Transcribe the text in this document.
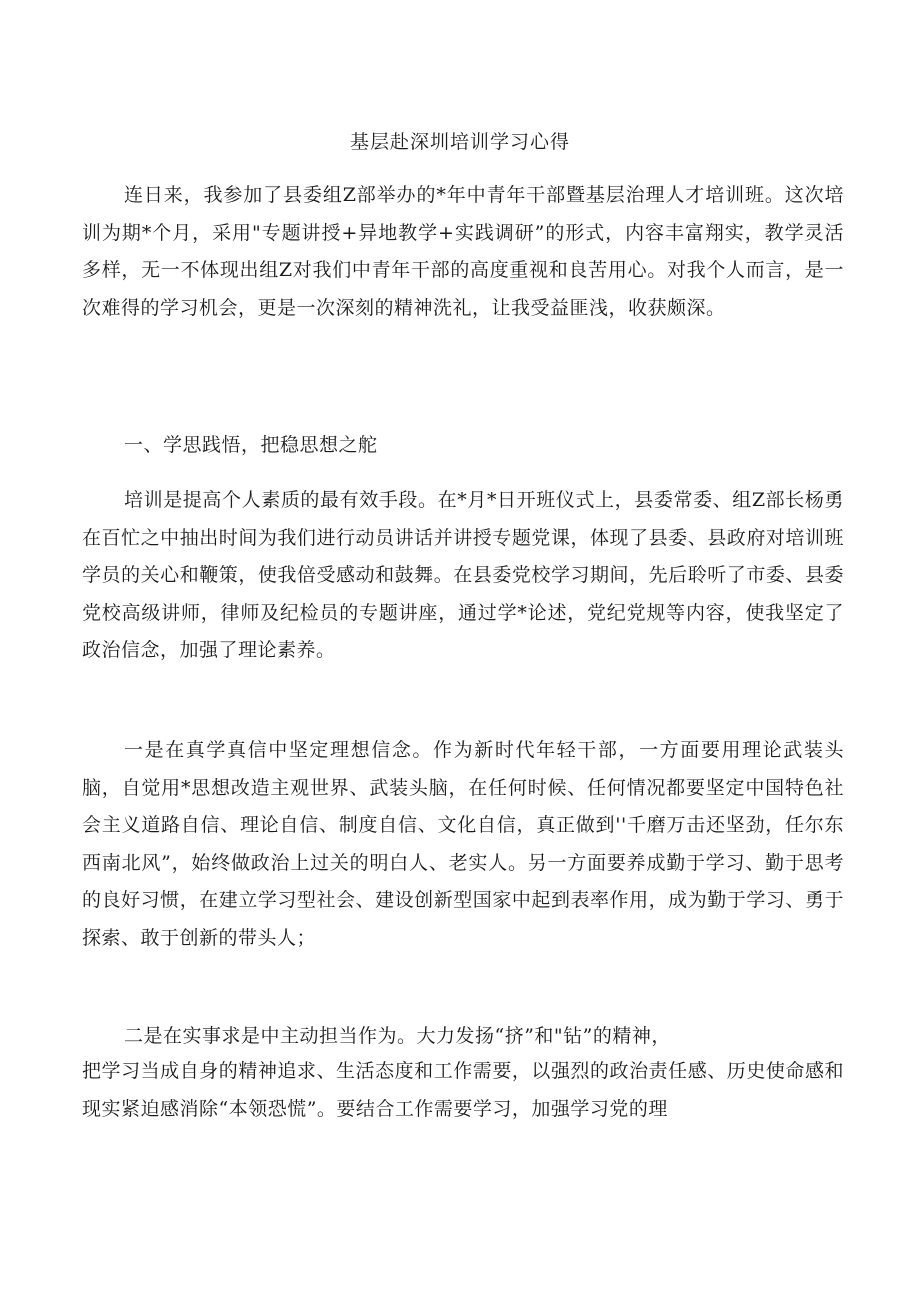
基层赴深圳培训学习心得

连日来，我参加了县委组Z部举办的*年中青年干部暨基层治理人才培训班。这次培训为期*个月，采用"专题讲授+异地教学+实践调研”的形式，内容丰富翔实，教学灵活多样，无一不体现出组Z对我们中青年干部的高度重视和良苦用心。对我个人而言，是一次难得的学习机会，更是一次深刻的精神洗礼，让我受益匪浅，收获颇深。

一、学思践悟，把稳思想之舵

培训是提高个人素质的最有效手段。在*月*日开班仪式上，县委常委、组Z部长杨勇在百忙之中抽出时间为我们进行动员讲话并讲授专题党课，体现了县委、县政府对培训班学员的关心和鞭策，使我倍受感动和鼓舞。在县委党校学习期间，先后聆听了市委、县委党校高级讲师，律师及纪检员的专题讲座，通过学*论述，党纪党规等内容，使我坚定了政治信念，加强了理论素养。

一是在真学真信中坚定理想信念。作为新时代年轻干部，一方面要用理论武装头脑，自觉用*思想改造主观世界、武装头脑，在任何时候、任何情况都要坚定中国特色社会主义道路自信、理论自信、制度自信、文化自信，真正做到''千磨万击还坚劲，任尔东西南北风”，始终做政治上过关的明白人、老实人。另一方面要养成勤于学习、勤于思考的良好习惯，在建立学习型社会、建设创新型国家中起到表率作用，成为勤于学习、勇于探索、敢于创新的带头人；

二是在实事求是中主动担当作为。大力发扬“挤”和"钻”的精神，

把学习当成自身的精神追求、生活态度和工作需要，以强烈的政治责任感、历史使命感和现实紧迫感消除“本领恐慌”。要结合工作需要学习，加强学习党的理
